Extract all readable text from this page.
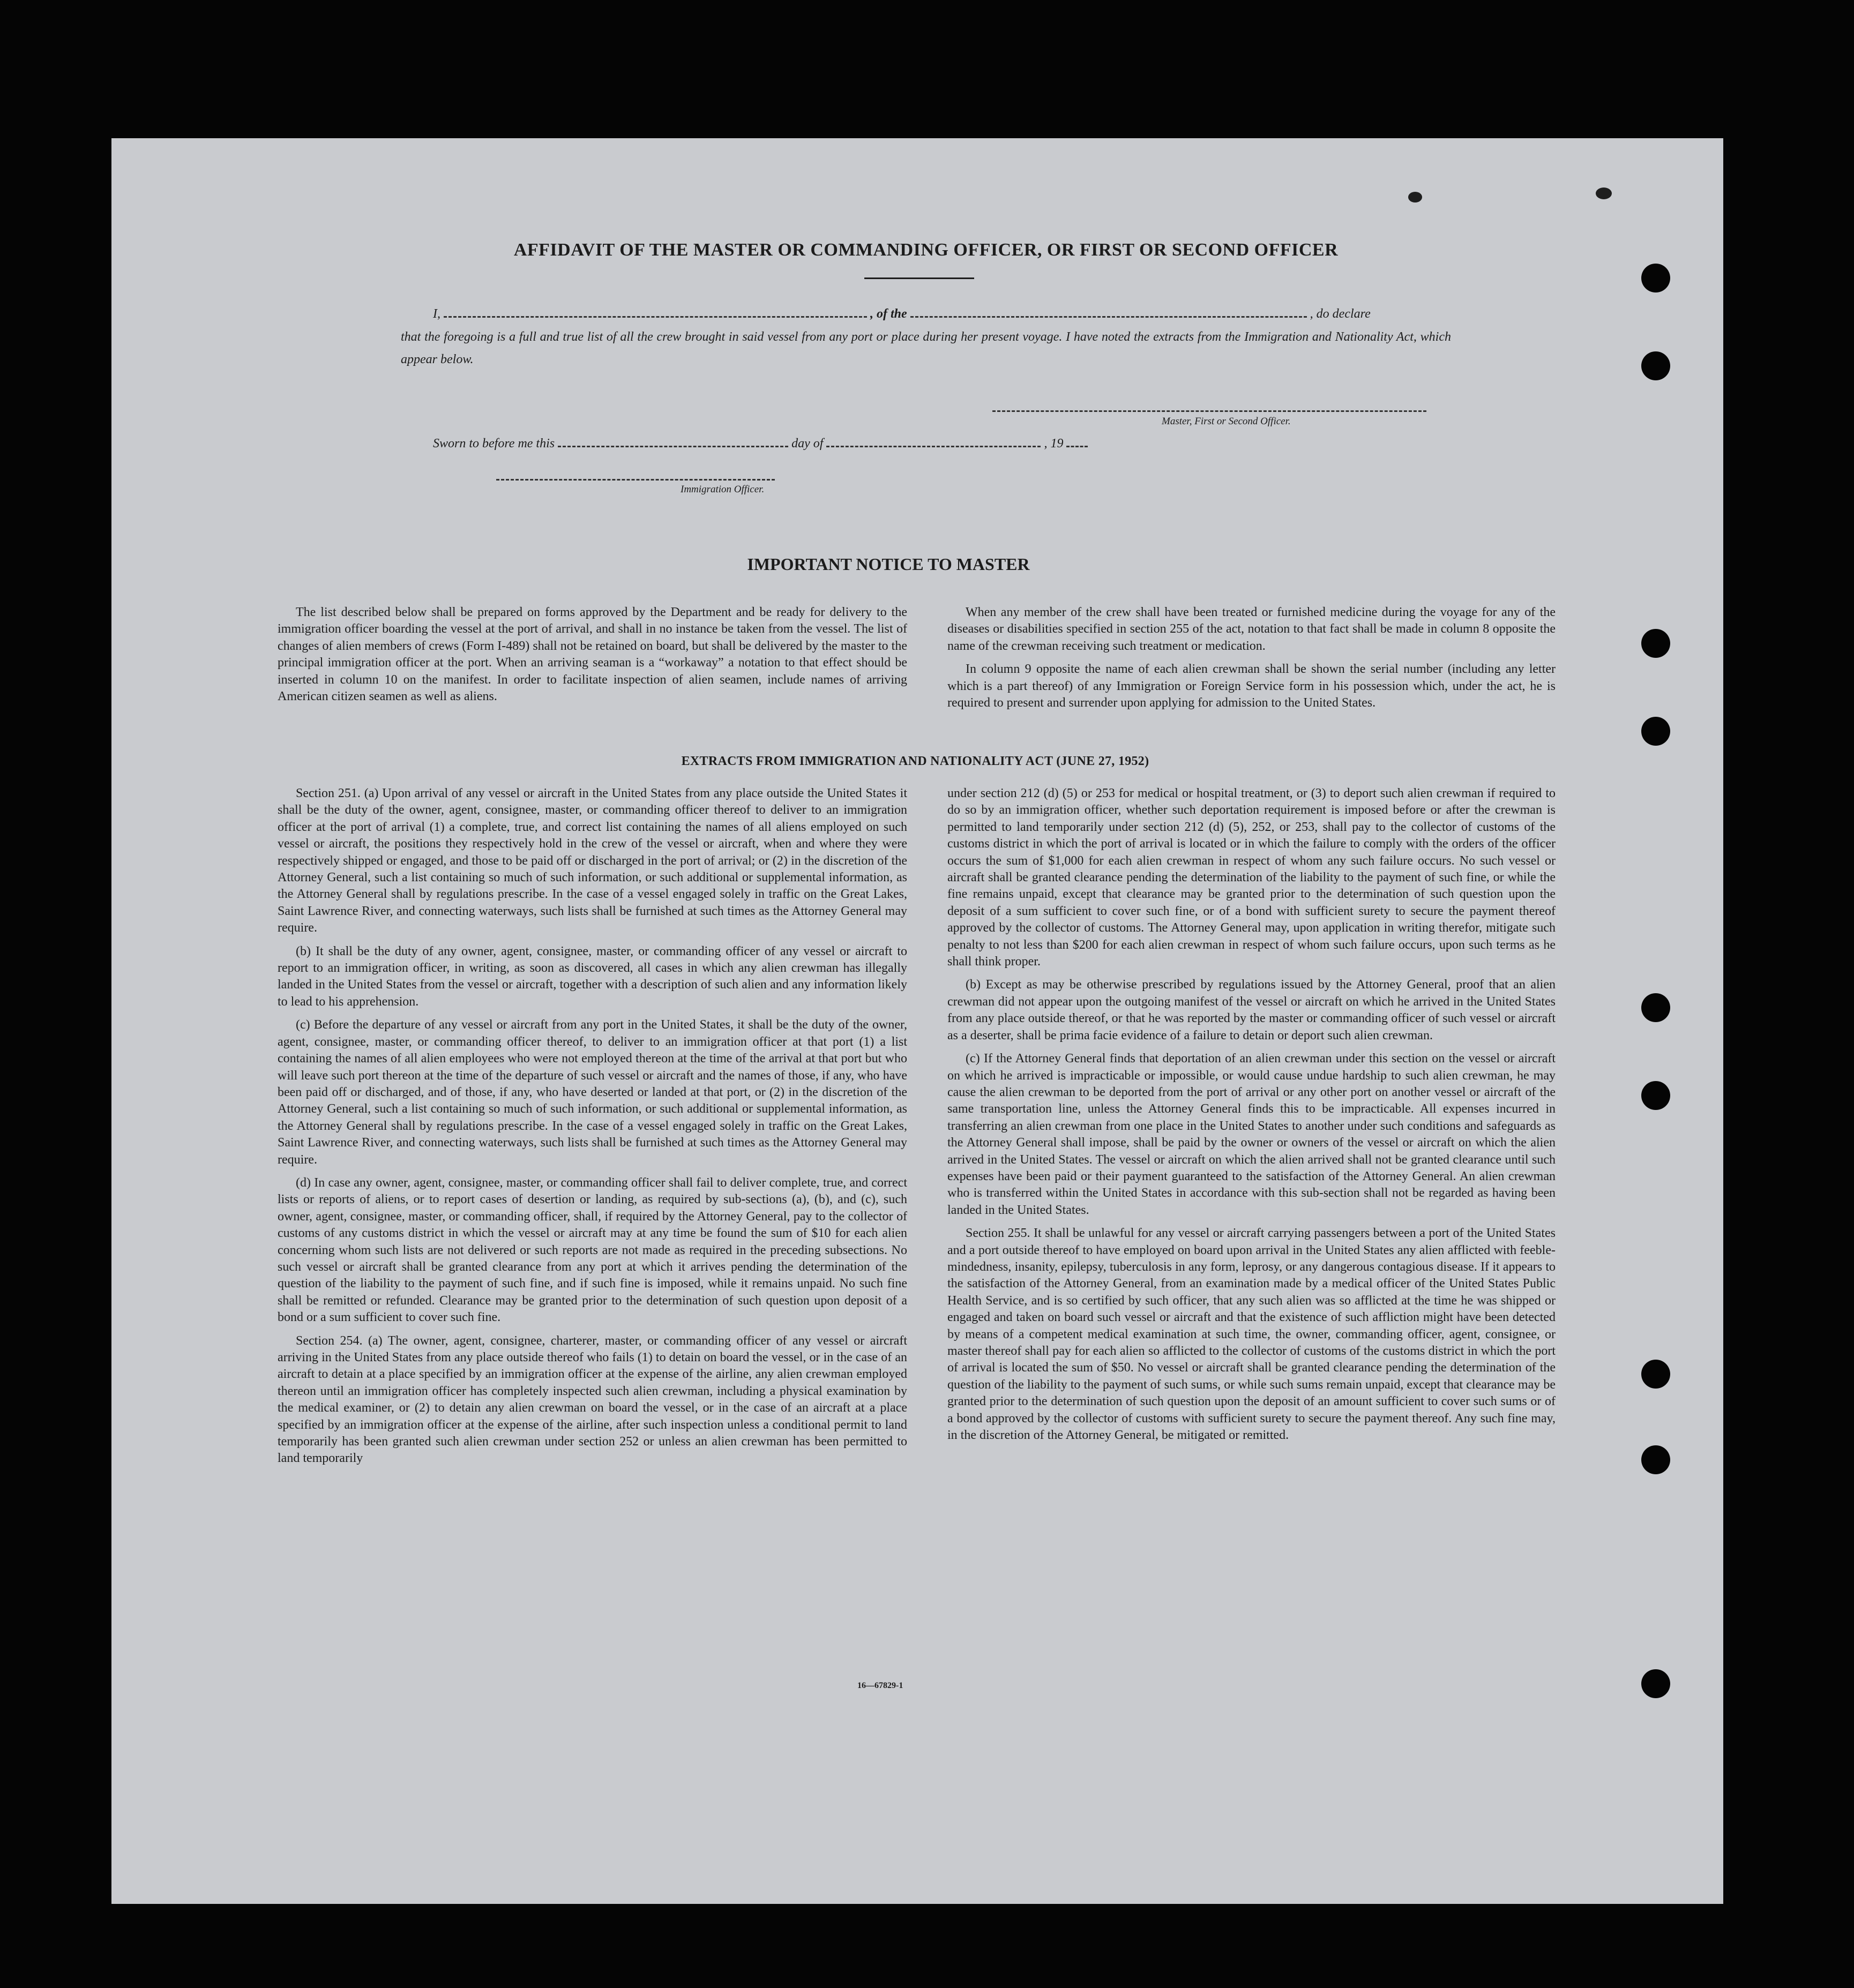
AFFIDAVIT OF THE MASTER OR COMMANDING OFFICER, OR FIRST OR SECOND OFFICER
I,	, of the	, do declare
that the foregoing is a full and true list of all the crew brought in said vessel from any port or place during her present voyage. I have noted the extracts from the Immigration and Nationality Act, which appear below.
Master, First or Second Officer.
Sworn to before me this	day of	, 19
Immigration Officer.
IMPORTANT NOTICE TO MASTER

The list described below shall be prepared on forms approved by the Department and be ready for delivery to the immigration officer boarding the vessel at the port of arrival, and shall in no instance be taken from the vessel. The list of changes of alien members of crews (Form I-489) shall not be retained on board, but shall be delivered by the master to the principal immigration officer at the port. When an arriving seaman is a “workaway” a notation to that effect should be inserted in column 10 on the manifest. In order to facilitate inspection of alien seamen, include names of arriving American citizen seamen as well as aliens.

When any member of the crew shall have been treated or furnished medicine during the voyage for any of the diseases or disabilities specified in section 255 of the act, notation to that fact shall be made in column 8 opposite the name of the crewman receiving such treatment or medication.

In column 9 opposite the name of each alien crewman shall be shown the serial number (including any letter which is a part thereof) of any Immigration or Foreign Service form in his possession which, under the act, he is required to present and surrender upon applying for admission to the United States.

EXTRACTS FROM IMMIGRATION AND NATIONALITY ACT (JUNE 27, 1952)

Section 251. (a) Upon arrival of any vessel or aircraft in the United States from any place outside the United States it shall be the duty of the owner, agent, consignee, master, or commanding officer thereof to deliver to an immigration officer at the port of arrival (1) a complete, true, and correct list containing the names of all aliens employed on such vessel or aircraft, the positions they respectively hold in the crew of the vessel or aircraft, when and where they were respectively shipped or engaged, and those to be paid off or discharged in the port of arrival; or (2) in the discretion of the Attorney General, such a list containing so much of such information, or such additional or supplemental information, as the Attorney General shall by regulations prescribe. In the case of a vessel engaged solely in traffic on the Great Lakes, Saint Lawrence River, and connecting waterways, such lists shall be furnished at such times as the Attorney General may require.

(b) It shall be the duty of any owner, agent, consignee, master, or commanding officer of any vessel or aircraft to report to an immigration officer, in writing, as soon as discovered, all cases in which any alien crewman has illegally landed in the United States from the vessel or aircraft, together with a description of such alien and any information likely to lead to his apprehension.

(c) Before the departure of any vessel or aircraft from any port in the United States, it shall be the duty of the owner, agent, consignee, master, or commanding officer thereof, to deliver to an immigration officer at that port (1) a list containing the names of all alien employees who were not employed thereon at the time of the arrival at that port but who will leave such port thereon at the time of the departure of such vessel or aircraft and the names of those, if any, who have been paid off or discharged, and of those, if any, who have deserted or landed at that port, or (2) in the discretion of the Attorney General, such a list containing so much of such information, or such additional or supplemental information, as the Attorney General shall by regulations prescribe. In the case of a vessel engaged solely in traffic on the Great Lakes, Saint Lawrence River, and connecting waterways, such lists shall be furnished at such times as the Attorney General may require.

(d) In case any owner, agent, consignee, master, or commanding officer shall fail to deliver complete, true, and correct lists or reports of aliens, or to report cases of desertion or landing, as required by sub-sections (a), (b), and (c), such owner, agent, consignee, master, or commanding officer, shall, if required by the Attorney General, pay to the collector of customs of any customs district in which the vessel or aircraft may at any time be found the sum of $10 for each alien concerning whom such lists are not delivered or such reports are not made as required in the preceding subsections. No such vessel or aircraft shall be granted clearance from any port at which it arrives pending the determination of the question of the liability to the payment of such fine, and if such fine is imposed, while it remains unpaid. No such fine shall be remitted or refunded. Clearance may be granted prior to the determination of such question upon deposit of a bond or a sum sufficient to cover such fine.

Section 254. (a) The owner, agent, consignee, charterer, master, or commanding officer of any vessel or aircraft arriving in the United States from any place outside thereof who fails (1) to detain on board the vessel, or in the case of an aircraft to detain at a place specified by an immigration officer at the expense of the airline, any alien crewman employed thereon until an immigration officer has completely inspected such alien crewman, including a physical examination by the medical examiner, or (2) to detain any alien crewman on board the vessel, or in the case of an aircraft at a place specified by an immigration officer at the expense of the airline, after such inspection unless a conditional permit to land temporarily has been granted such alien crewman under section 252 or unless an alien crewman has been permitted to land temporarily

under section 212 (d) (5) or 253 for medical or hospital treatment, or (3) to deport such alien crewman if required to do so by an immigration officer, whether such deportation requirement is imposed before or after the crewman is permitted to land temporarily under section 212 (d) (5), 252, or 253, shall pay to the collector of customs of the customs district in which the port of arrival is located or in which the failure to comply with the orders of the officer occurs the sum of $1,000 for each alien crewman in respect of whom any such failure occurs. No such vessel or aircraft shall be granted clearance pending the determination of the liability to the payment of such fine, or while the fine remains unpaid, except that clearance may be granted prior to the determination of such question upon the deposit of a sum sufficient to cover such fine, or of a bond with sufficient surety to secure the payment thereof approved by the collector of customs. The Attorney General may, upon application in writing therefor, mitigate such penalty to not less than $200 for each alien crewman in respect of whom such failure occurs, upon such terms as he shall think proper.

(b) Except as may be otherwise prescribed by regulations issued by the Attorney General, proof that an alien crewman did not appear upon the outgoing manifest of the vessel or aircraft on which he arrived in the United States from any place outside thereof, or that he was reported by the master or commanding officer of such vessel or aircraft as a deserter, shall be prima facie evidence of a failure to detain or deport such alien crewman.

(c) If the Attorney General finds that deportation of an alien crewman under this section on the vessel or aircraft on which he arrived is impracticable or impossible, or would cause undue hardship to such alien crewman, he may cause the alien crewman to be deported from the port of arrival or any other port on another vessel or aircraft of the same transportation line, unless the Attorney General finds this to be impracticable. All expenses incurred in transferring an alien crewman from one place in the United States to another under such conditions and safeguards as the Attorney General shall impose, shall be paid by the owner or owners of the vessel or aircraft on which the alien arrived in the United States. The vessel or aircraft on which the alien arrived shall not be granted clearance until such expenses have been paid or their payment guaranteed to the satisfaction of the Attorney General. An alien crewman who is transferred within the United States in accordance with this sub-section shall not be regarded as having been landed in the United States.

Section 255. It shall be unlawful for any vessel or aircraft carrying passengers between a port of the United States and a port outside thereof to have employed on board upon arrival in the United States any alien afflicted with feeble-mindedness, insanity, epilepsy, tuberculosis in any form, leprosy, or any dangerous contagious disease. If it appears to the satisfaction of the Attorney General, from an examination made by a medical officer of the United States Public Health Service, and is so certified by such officer, that any such alien was so afflicted at the time he was shipped or engaged and taken on board such vessel or aircraft and that the existence of such affliction might have been detected by means of a competent medical examination at such time, the owner, commanding officer, agent, consignee, or master thereof shall pay for each alien so afflicted to the collector of customs of the customs district in which the port of arrival is located the sum of $50. No vessel or aircraft shall be granted clearance pending the determination of the question of the liability to the payment of such sums, or while such sums remain unpaid, except that clearance may be granted prior to the determination of such question upon the deposit of an amount sufficient to cover such sums or of a bond approved by the collector of customs with sufficient surety to secure the payment thereof. Any such fine may, in the discretion of the Attorney General, be mitigated or remitted.

16—67829-1
